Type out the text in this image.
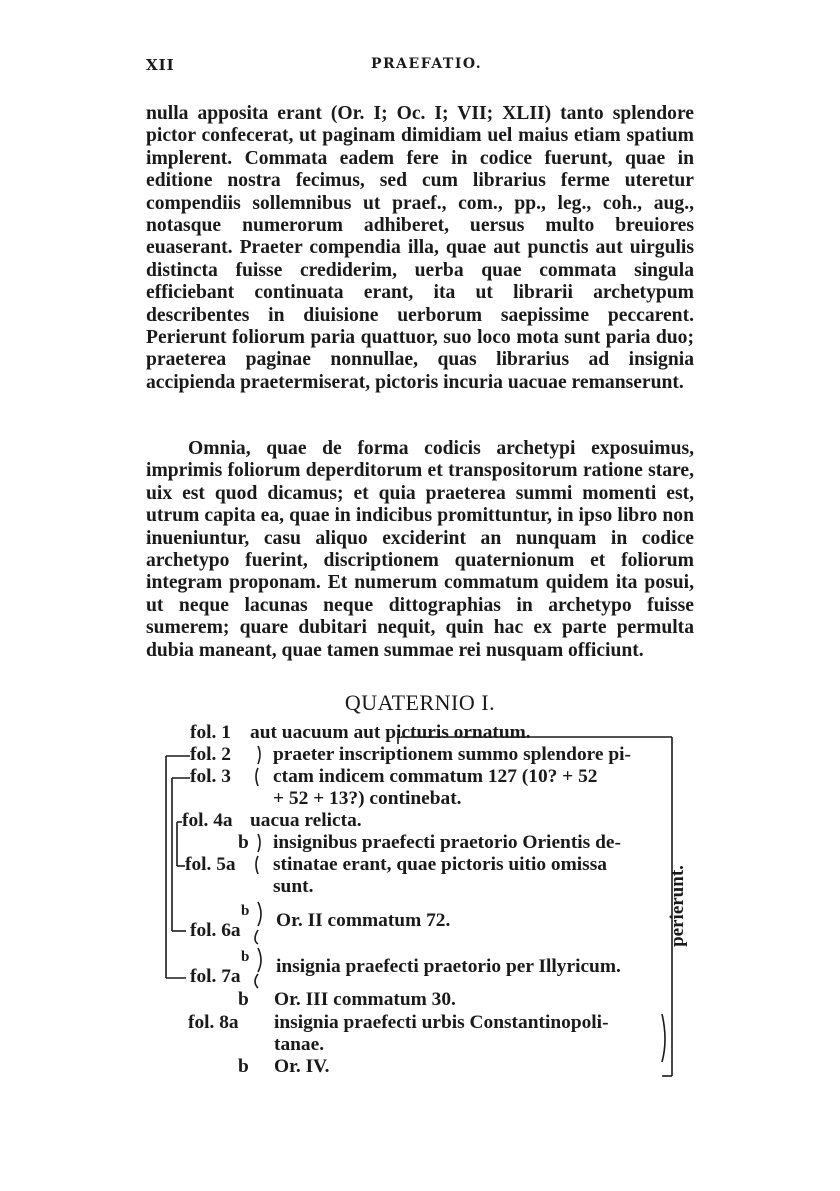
XII	PRAEFATIO.

nulla apposita erant (Or. I; Oc. I; VII; XLII) tanto splendore pictor confecerat, ut paginam dimidiam uel maius etiam spatium implerent. Commata eadem fere in codice fuerunt, quae in editione nostra fecimus, sed cum librarius ferme uteretur compendiis sollemnibus ut praef., com., pp., leg., coh., aug., notasque numerorum adhiberet, uersus multo breuiores euaserant. Praeter compendia illa, quae aut punctis aut uirgulis distincta fuisse crediderim, uerba quae commata singula efficiebant continuata erant, ita ut librarii archetypum describentes in diuisione uerborum saepissime peccarent. Perierunt foliorum paria quattuor, suo loco mota sunt paria duo; praeterea paginae nonnullae, quas librarius ad insignia accipienda praetermiserat, pictoris incuria uacuae remanserunt.

Omnia, quae de forma codicis archetypi exposuimus, imprimis foliorum deperditorum et transpositorum ratione stare, uix est quod dicamus; et quia praeterea summi momenti est, utrum capita ea, quae in indicibus promittuntur, in ipso libro non inueniuntur, casu aliquo exciderint an nunquam in codice archetypo fuerint, discriptionem quaternionum et foliorum integram proponam. Et numerum commatum quidem ita posui, ut neque lacunas neque dittographias in archetypo fuisse sumerem; quare dubitari nequit, quin hac ex parte permulta dubia maneant, quae tamen summae rei nusquam officiunt.

QUATERNIO I.
fol. 1 aut uacuum aut picturis ornatum.
fol. 2 praeter inscriptionem summo splendore pi-
fol. 3 ctam indicem commatum 127 (10? + 52
+ 52 + 13?) continebat.
fol. 4a uacua relicta.
b insignibus praefecti praetorio Orientis de-
fol. 5a stinatae erant, quae pictoris uitio omissa
sunt.
b
fol. 6a Or. II commatum 72.
b
fol. 7a insignia praefecti praetorio per Illyricum.
b Or. III commatum 30.
fol. 8a insignia praefecti urbis Constantinopoli-
tanae.
b Or. IV.
perierunt.
